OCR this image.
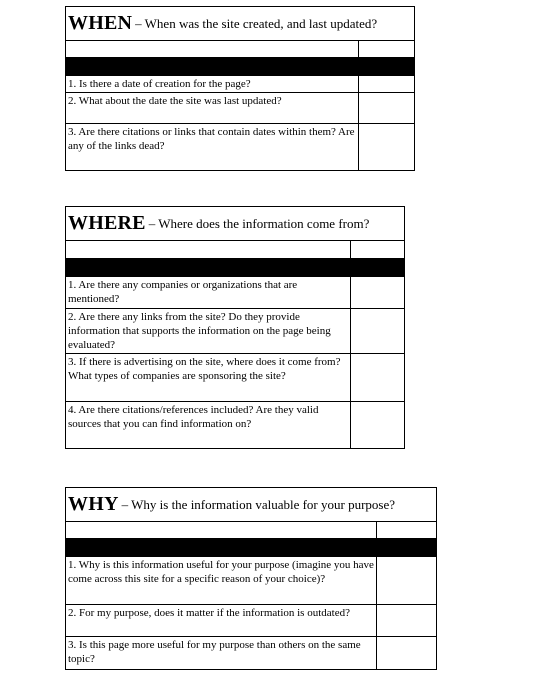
WHEN – When was the site created, and last updated?
1. Is there a date of creation for the page?
2. What about the date the site was last updated?
3. Are there citations or links that contain dates within them? Are any of the links dead?
WHERE – Where does the information come from?
1. Are there any companies or organizations that are mentioned?
2. Are there any links from the site? Do they provide information that supports the information on the page being evaluated?
3. If there is advertising on the site, where does it come from? What types of companies are sponsoring the site?
4. Are there citations/references included? Are they valid sources that you can find information on?
WHY – Why is the information valuable for your purpose?
1. Why is this information useful for your purpose (imagine you have come across this site for a specific reason of your choice)?
2. For my purpose, does it matter if the information is outdated?
3. Is this page more useful for my purpose than others on the same topic?
